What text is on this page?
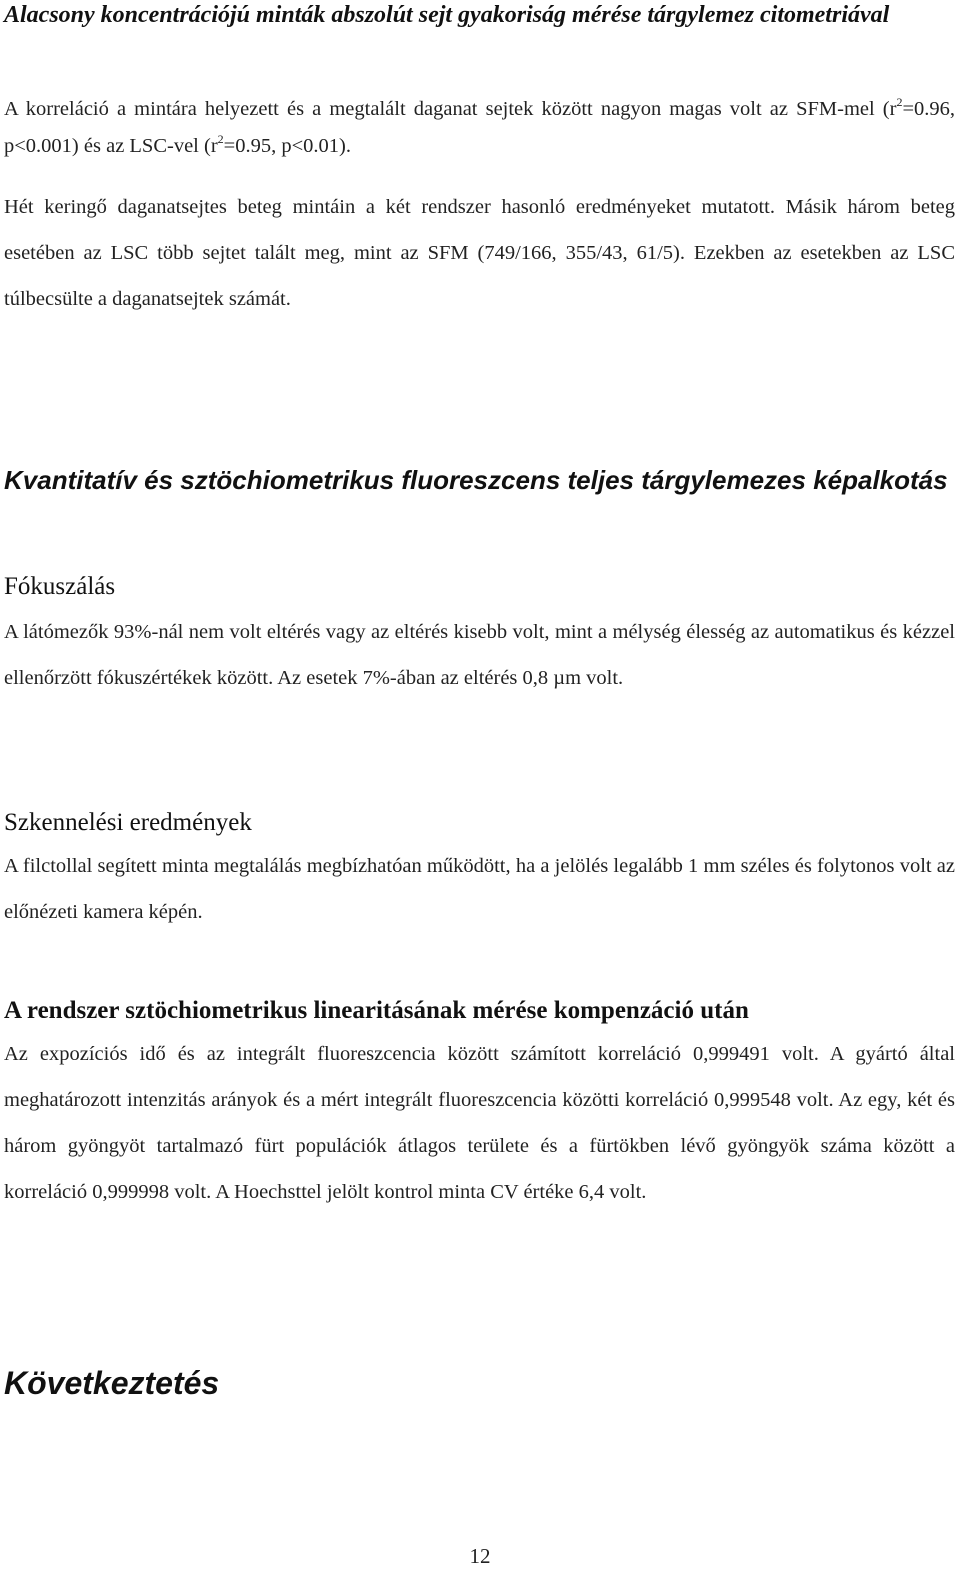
Alacsony koncentrációjú minták abszolút sejt gyakoriság mérése tárgylemez citometriával

A korreláció a mintára helyezett és a megtalált daganat sejtek között nagyon magas volt az SFM-mel ($r^2=0.96$, p<0.001) és az LSC-vel ($r^2=0.95$, p<0.01).

Hét keringő daganatsejtes beteg mintáin a két rendszer hasonló eredményeket mutatott. Másik három beteg esetében az LSC több sejtet talált meg, mint az SFM (749/166, 355/43, 61/5). Ezekben az esetekben az LSC túlbecsülte a daganatsejtek számát.

Kvantitatív és sztöchiometrikus fluoreszcens teljes tárgylemezes képalkotás
Fókuszálás

A látómezők 93%-nál nem volt eltérés vagy az eltérés kisebb volt, mint a mélység élesség az automatikus és kézzel ellenőrzött fókuszértékek között. Az esetek 7%-ában az eltérés 0,8 µm volt.

Szkennelési eredmények

A filctollal segített minta megtalálás megbízhatóan működött, ha a jelölés legalább 1 mm széles és folytonos volt az előnézeti kamera képén.

A rendszer sztöchiometrikus linearitásának mérése kompenzáció után

Az expozíciós idő és az integrált fluoreszcencia között számított korreláció 0,999491 volt. A gyártó által meghatározott intenzitás arányok és a mért integrált fluoreszcencia közötti korreláció 0,999548 volt. Az egy, két és három gyöngyöt tartalmazó fürt populációk átlagos területe és a fürtökben lévő gyöngyök száma között a korreláció 0,999998 volt. A Hoechsttel jelölt kontrol minta CV értéke 6,4 volt.

Következtetés
12
